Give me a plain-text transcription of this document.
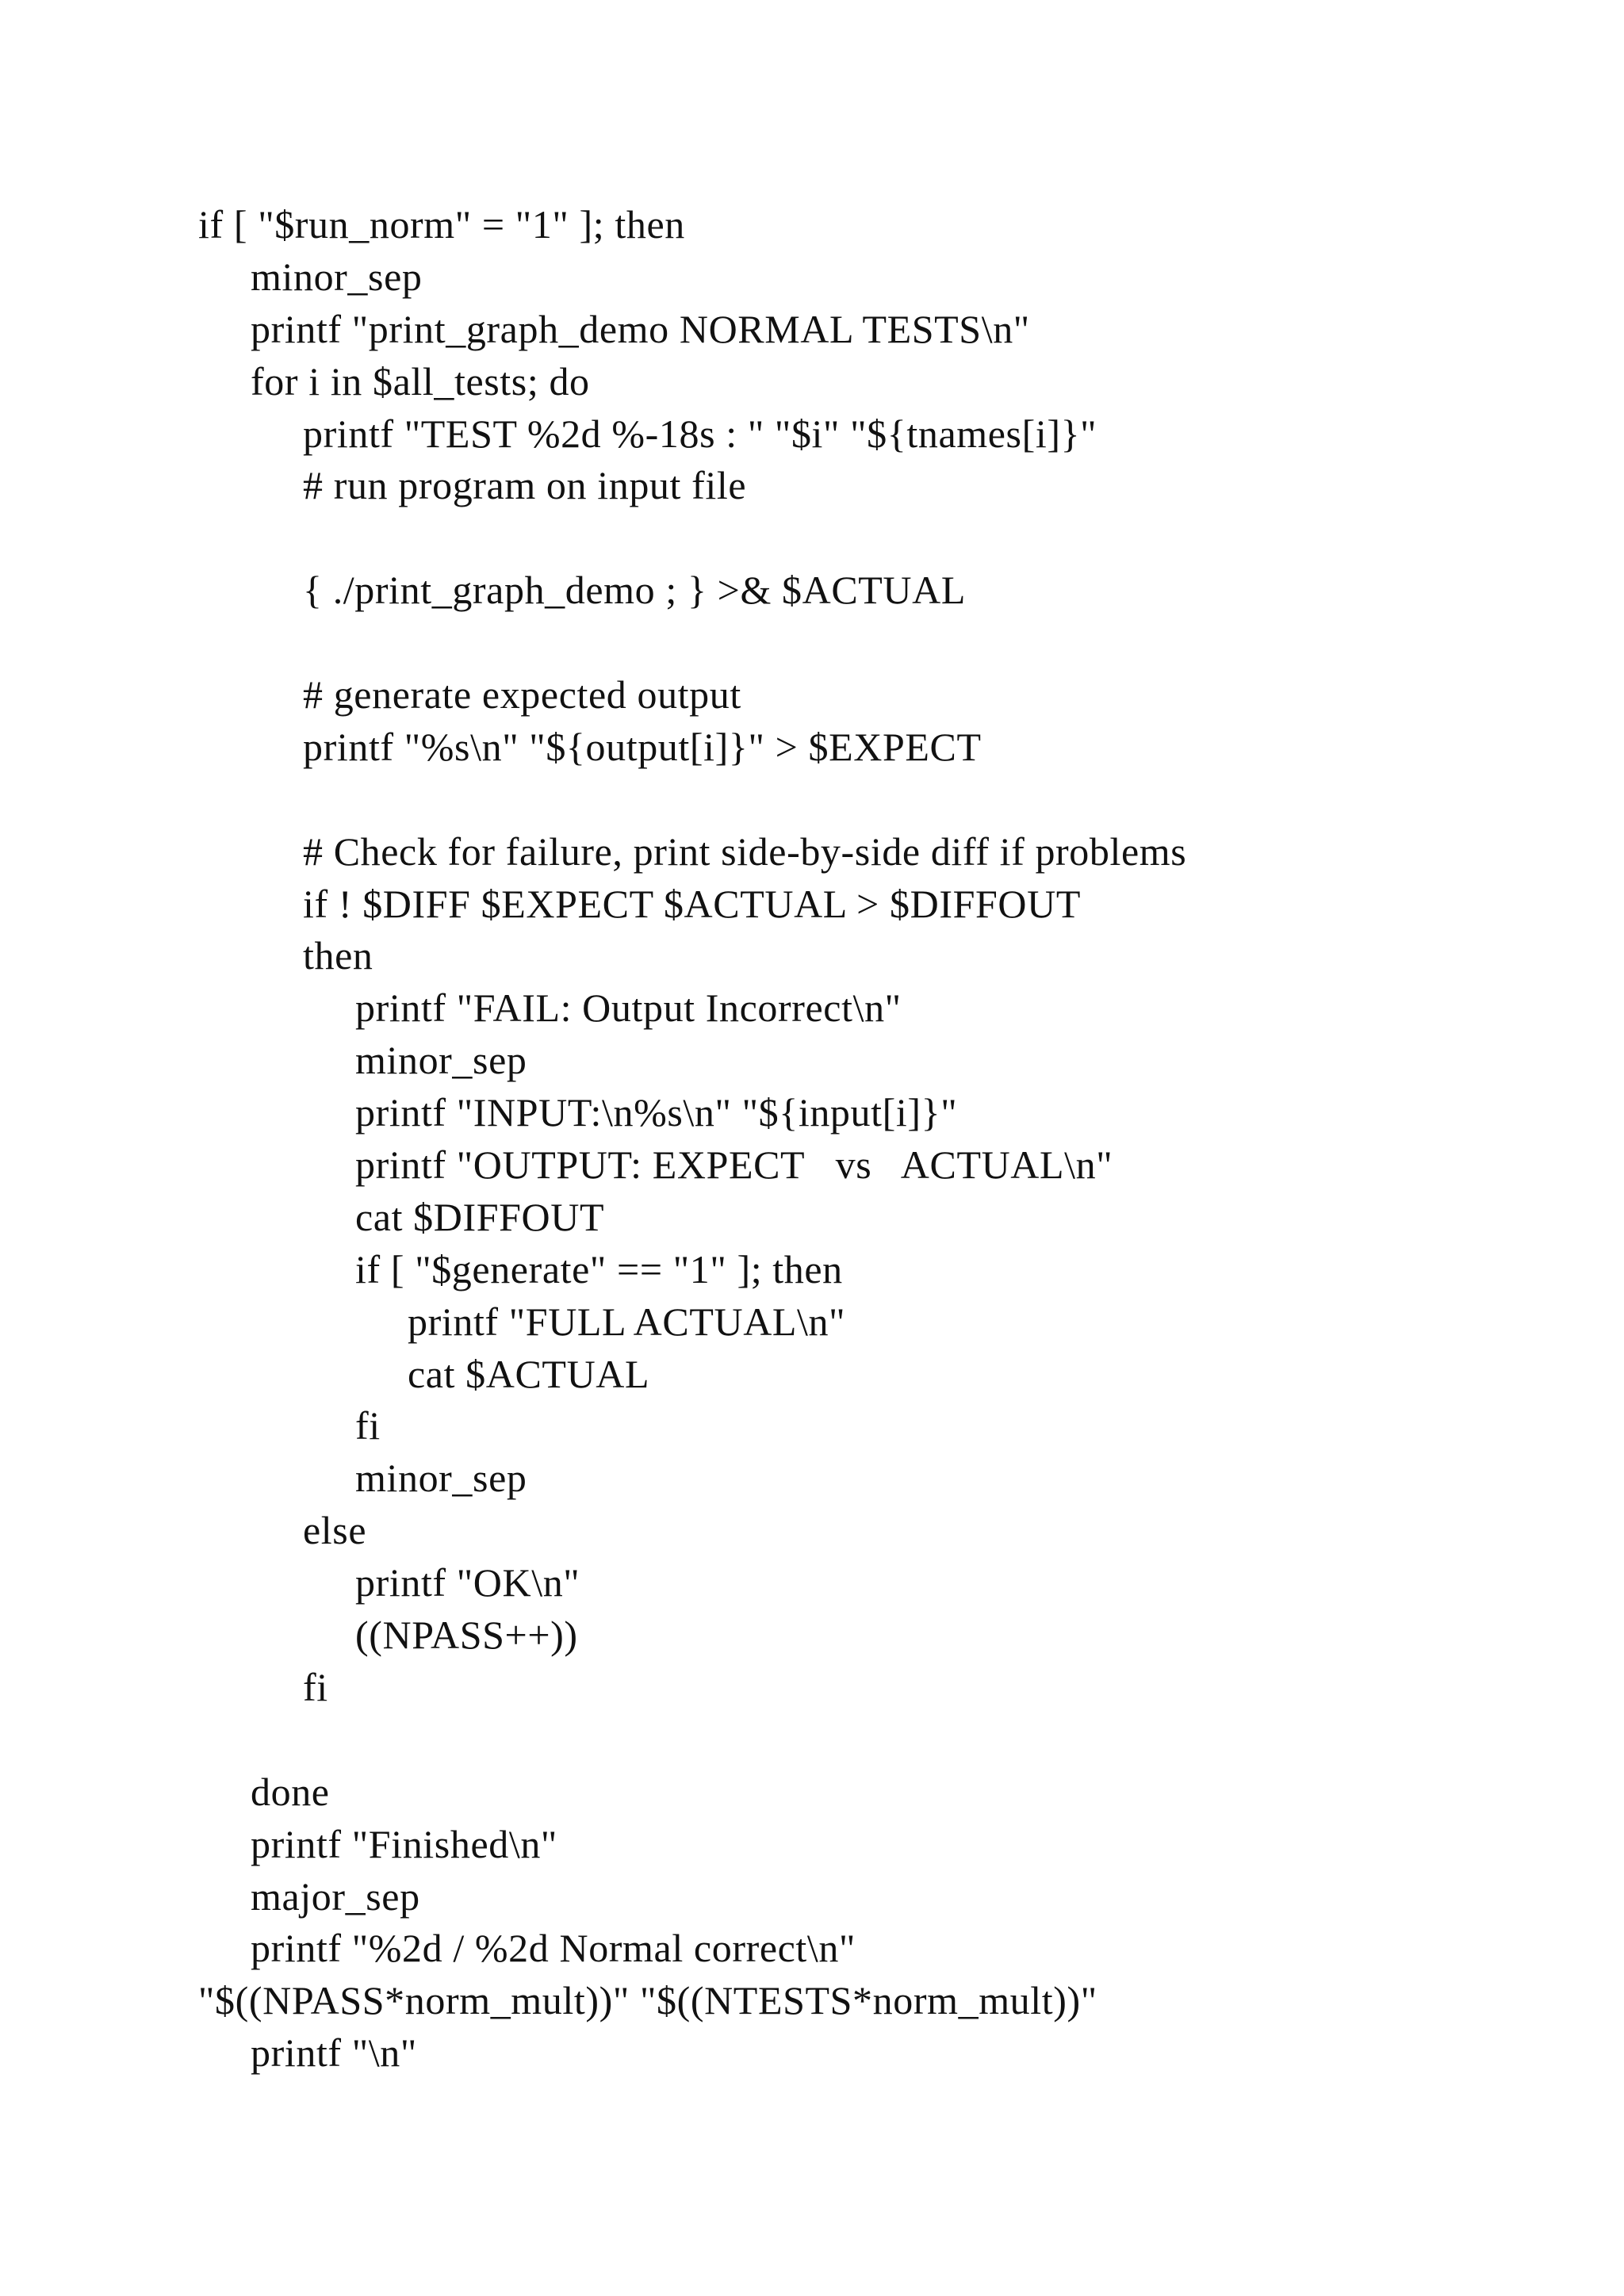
if [ "$run_norm" = "1" ]; then
minor_sep
printf "print_graph_demo NORMAL TESTS\n"
for i in $all_tests; do
printf "TEST %2d %-18s : " "$i" "${tnames[i]}"
# run program on input file
{ ./print_graph_demo ; } >& $ACTUAL
# generate expected output
printf "%s\n" "${output[i]}" > $EXPECT
# Check for failure, print side-by-side diff if problems
if ! $DIFF $EXPECT $ACTUAL > $DIFFOUT
then
printf "FAIL: Output Incorrect\n"
minor_sep
printf "INPUT:\n%s\n" "${input[i]}"
printf "OUTPUT: EXPECT   vs   ACTUAL\n"
cat $DIFFOUT
if [ "$generate" == "1" ]; then
printf "FULL ACTUAL\n"
cat $ACTUAL
fi
minor_sep
else
printf "OK\n"
((NPASS++))
fi
done
printf "Finished\n"
major_sep
printf "%2d / %2d Normal correct\n"
"$((NPASS*norm_mult))" "$((NTESTS*norm_mult))"
printf "\n"
